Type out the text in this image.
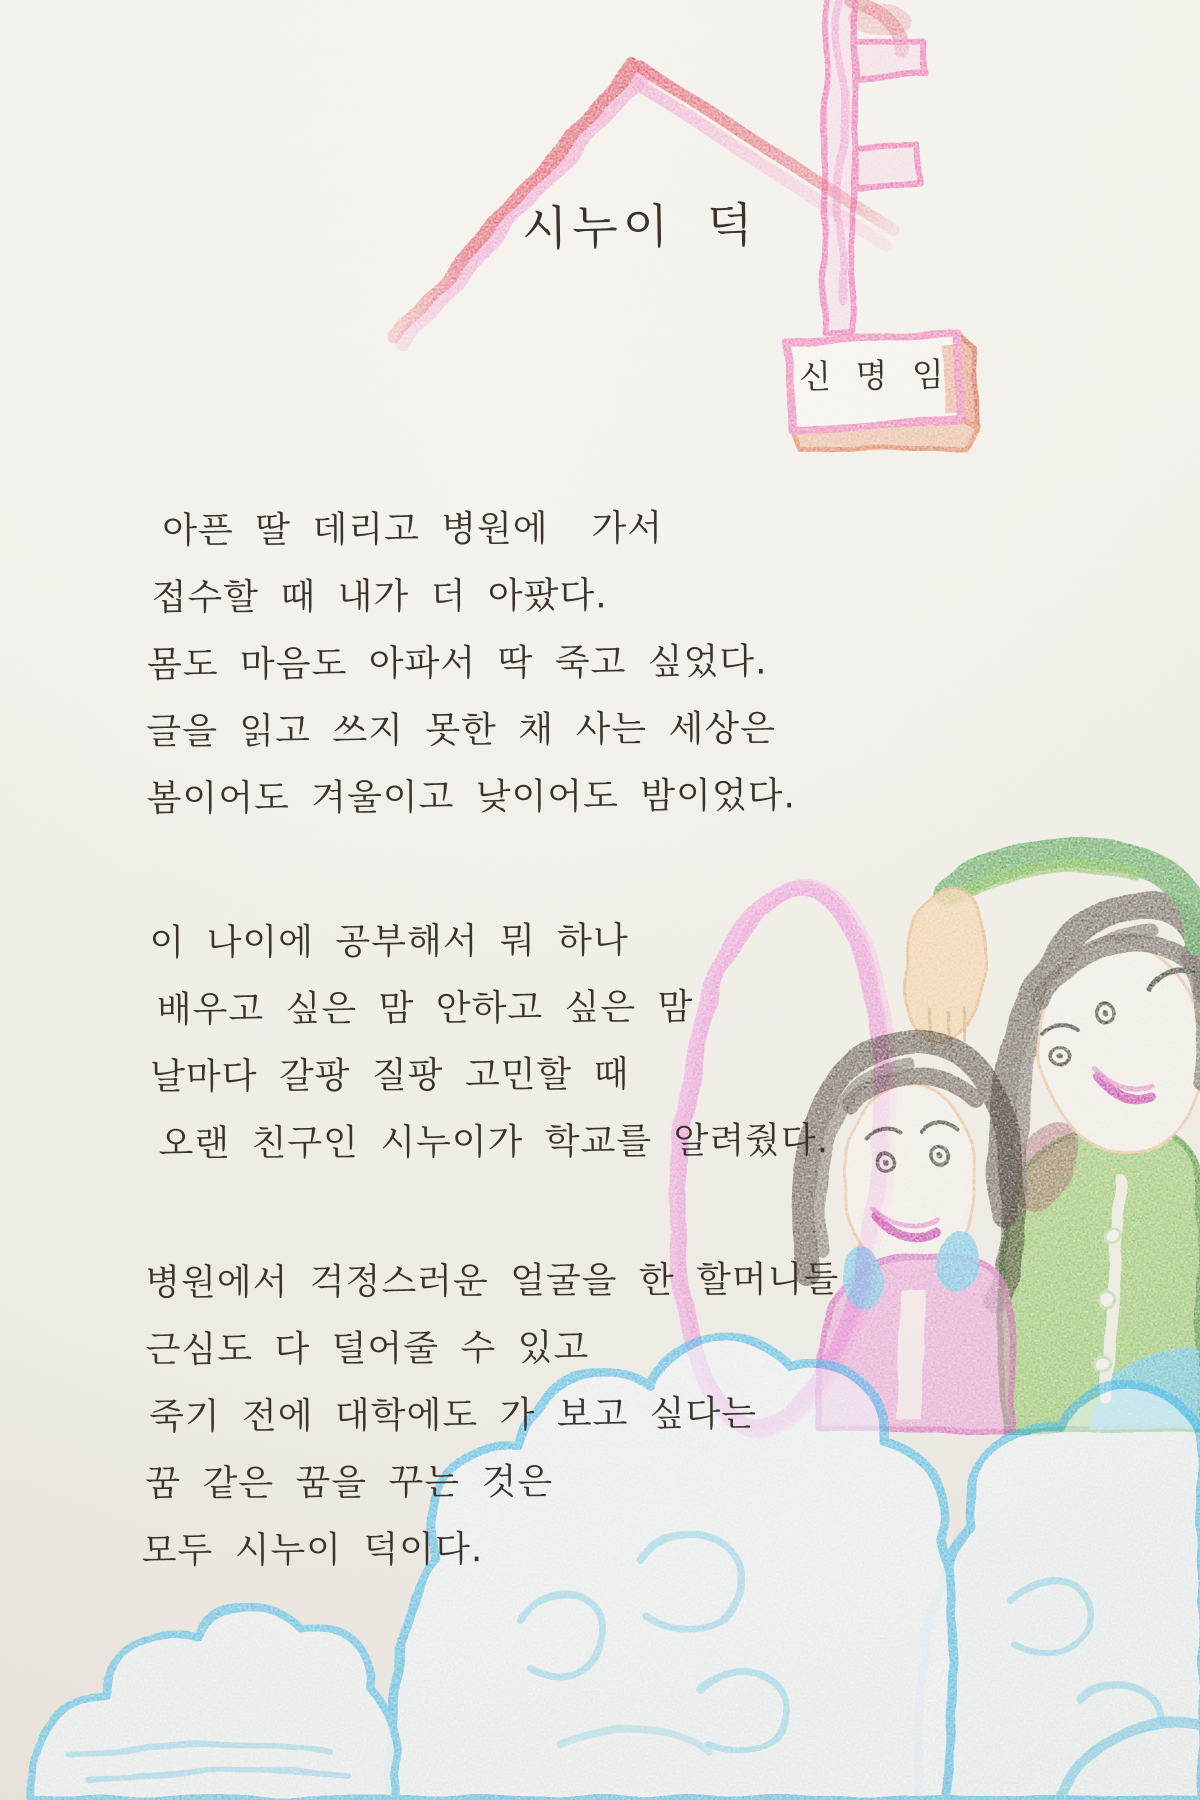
시누이 덕
신 명 임
아픈 딸 데리고 병원에  가서
접수할 때 내가 더 아팠다.
몸도 마음도 아파서 딱 죽고 싶었다.
글을 읽고 쓰지 못한 채 사는 세상은
봄이어도 겨울이고 낮이어도 밤이었다.
이 나이에 공부해서 뭐 하나
배우고 싶은 맘 안하고 싶은 맘
날마다 갈팡 질팡 고민할 때
오랜 친구인 시누이가 학교를 알려줬다.
병원에서 걱정스러운 얼굴을 한 할머니들
근심도 다 덜어줄 수 있고
죽기 전에 대학에도 가 보고 싶다는
꿈 같은 꿈을 꾸는 것은
모두 시누이 덕이다.
